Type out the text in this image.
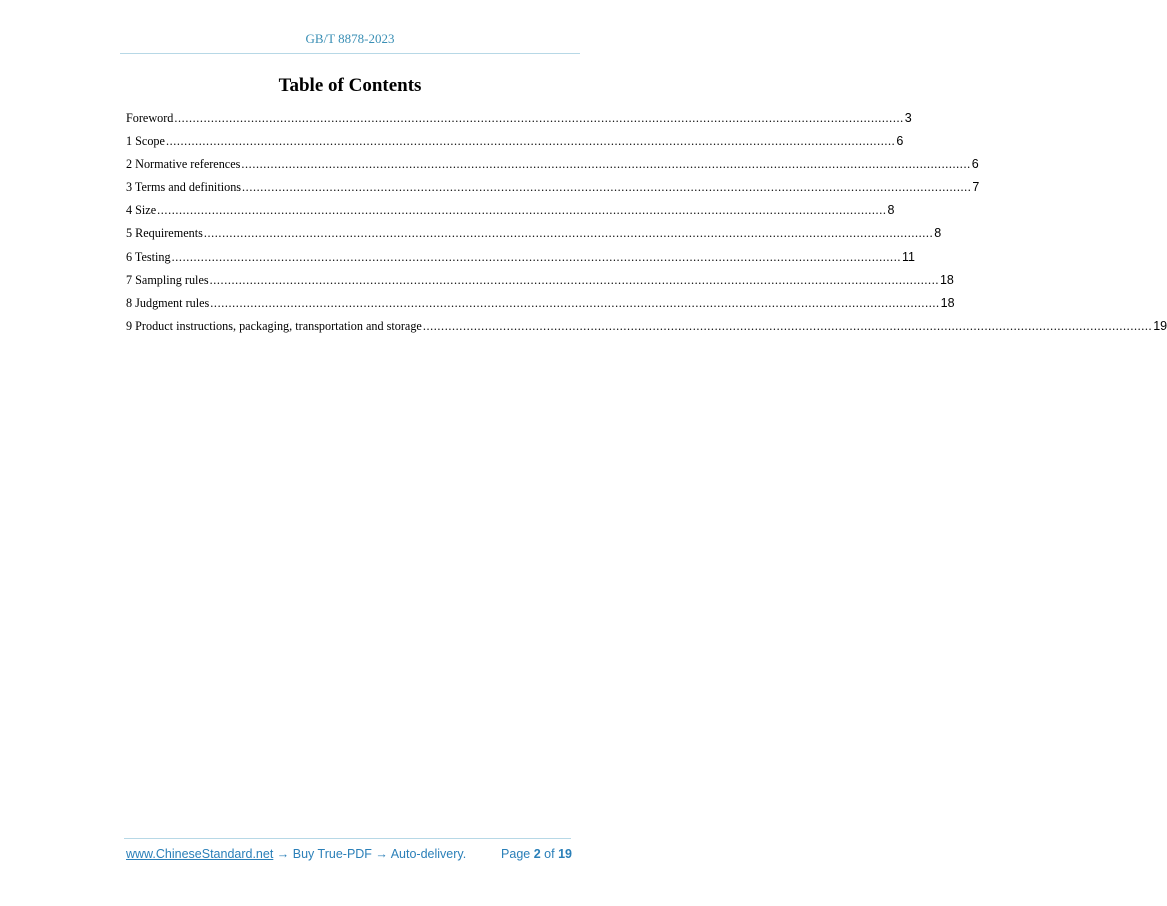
GB/T 8878-2023
Table of Contents
Foreword ........................................................................................................................................................................................................ 3
1 Scope ........................................................................................................................................................................................................ 6
2 Normative references ........................................................................................................................................................................................................ 6
3 Terms and definitions ........................................................................................................................................................................................................ 7
4 Size ........................................................................................................................................................................................................ 8
5 Requirements ........................................................................................................................................................................................................ 8
6 Testing ........................................................................................................................................................................................................ 11
7 Sampling rules ........................................................................................................................................................................................................ 18
8 Judgment rules ........................................................................................................................................................................................................ 18
9 Product instructions, packaging, transportation and storage ........................................................................................................................................................................................................ 19
www.ChineseStandard.net → Buy True-PDF → Auto-delivery.	Page 2 of 19
